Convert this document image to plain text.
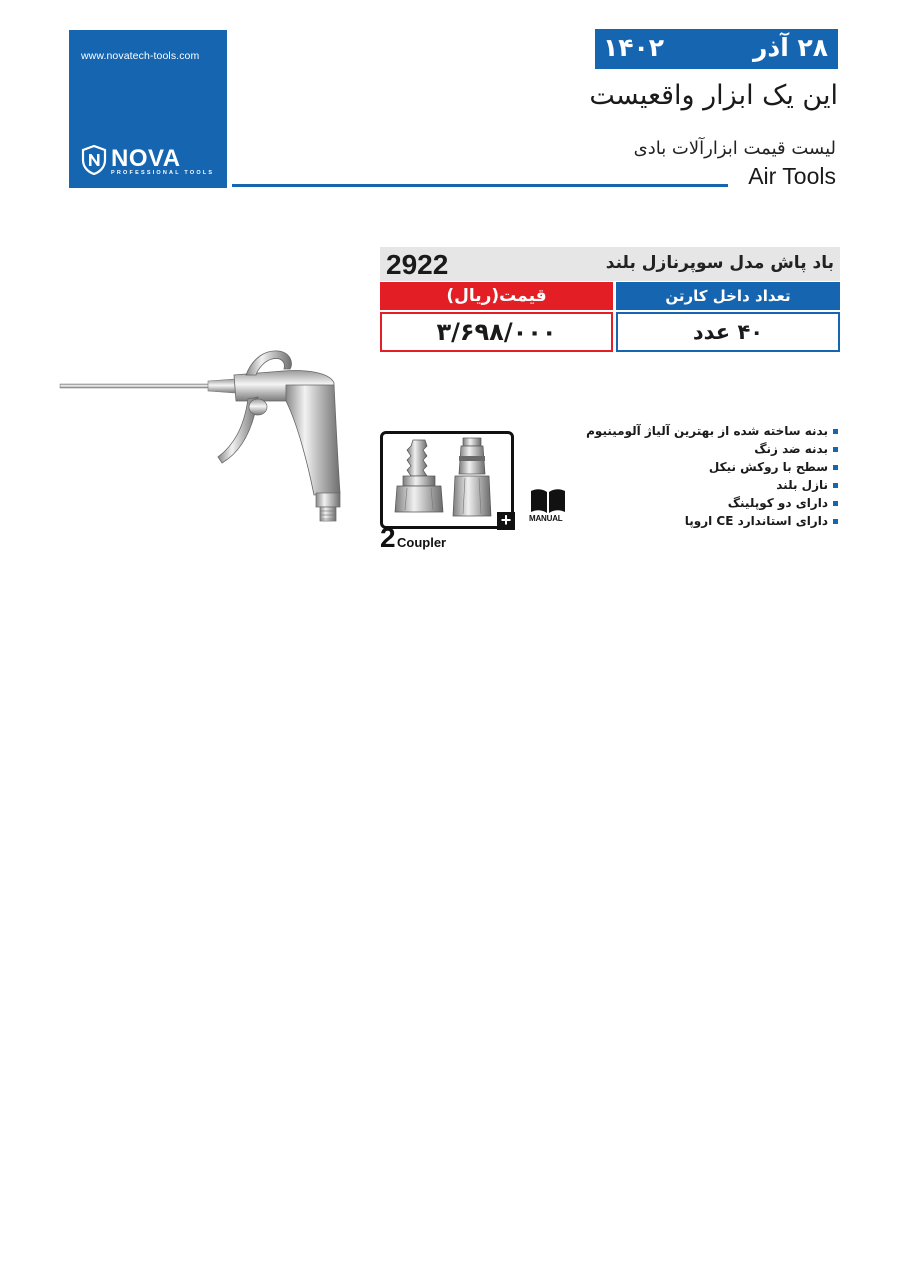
www.novatech-tools.com
NOVA
PROFESSIONAL TOOLS
۲۸ آذر
۱۴۰۲
این یک ابزار واقعیست
لیست قیمت ابزارآلات بادی
Air Tools
باد پاش مدل سوپرنازل بلند
2922
قیمت(ریال)	تعداد داخل کارتن
۳/۶۹۸/۰۰۰	۴۰ عدد
+
2 Coupler
MANUAL
بدنه ساخته شده از بهترین آلیاژ آلومینیوم
بدنه ضد زنگ
سطح با روکش نیکل
نازل بلند
دارای دو کوپلینگ
دارای استاندارد CE اروپا
